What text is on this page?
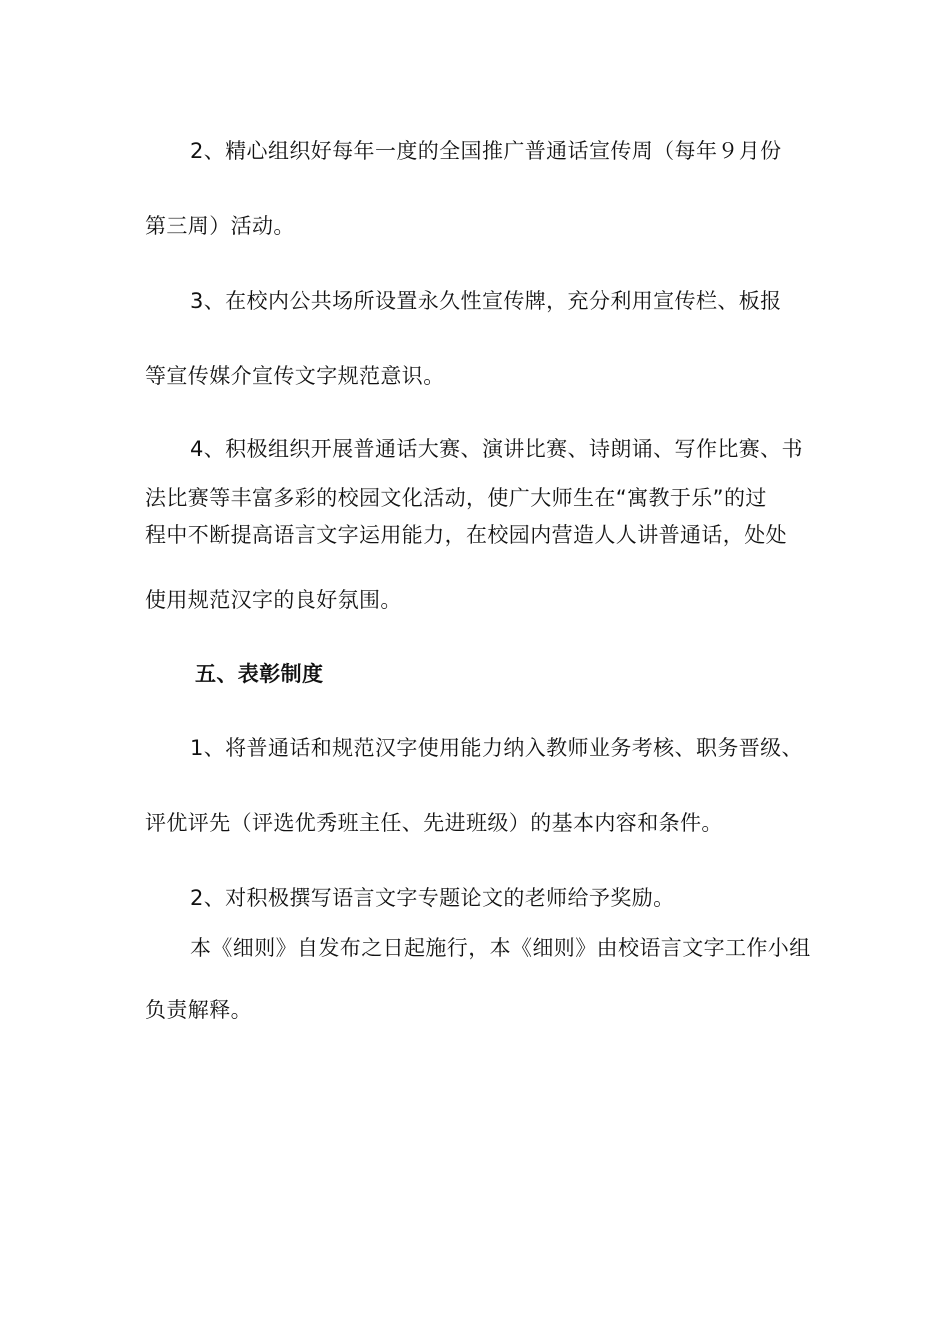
2、精心组织好每年一度的全国推广普通话宣传周（每年９月份
第三周）活动。
3、在校内公共场所设置永久性宣传牌，充分利用宣传栏、板报
等宣传媒介宣传文字规范意识。
4、积极组织开展普通话大赛、演讲比赛、诗朗诵、写作比赛、书
法比赛等丰富多彩的校园文化活动，使广大师生在“寓教于乐”的过
程中不断提高语言文字运用能力，在校园内营造人人讲普通话，处处
使用规范汉字的良好氛围。
五、表彰制度
1、将普通话和规范汉字使用能力纳入教师业务考核、职务晋级、
评优评先（评选优秀班主任、先进班级）的基本内容和条件。
2、对积极撰写语言文字专题论文的老师给予奖励。
本《细则》自发布之日起施行，本《细则》由校语言文字工作小组
负责解释。
